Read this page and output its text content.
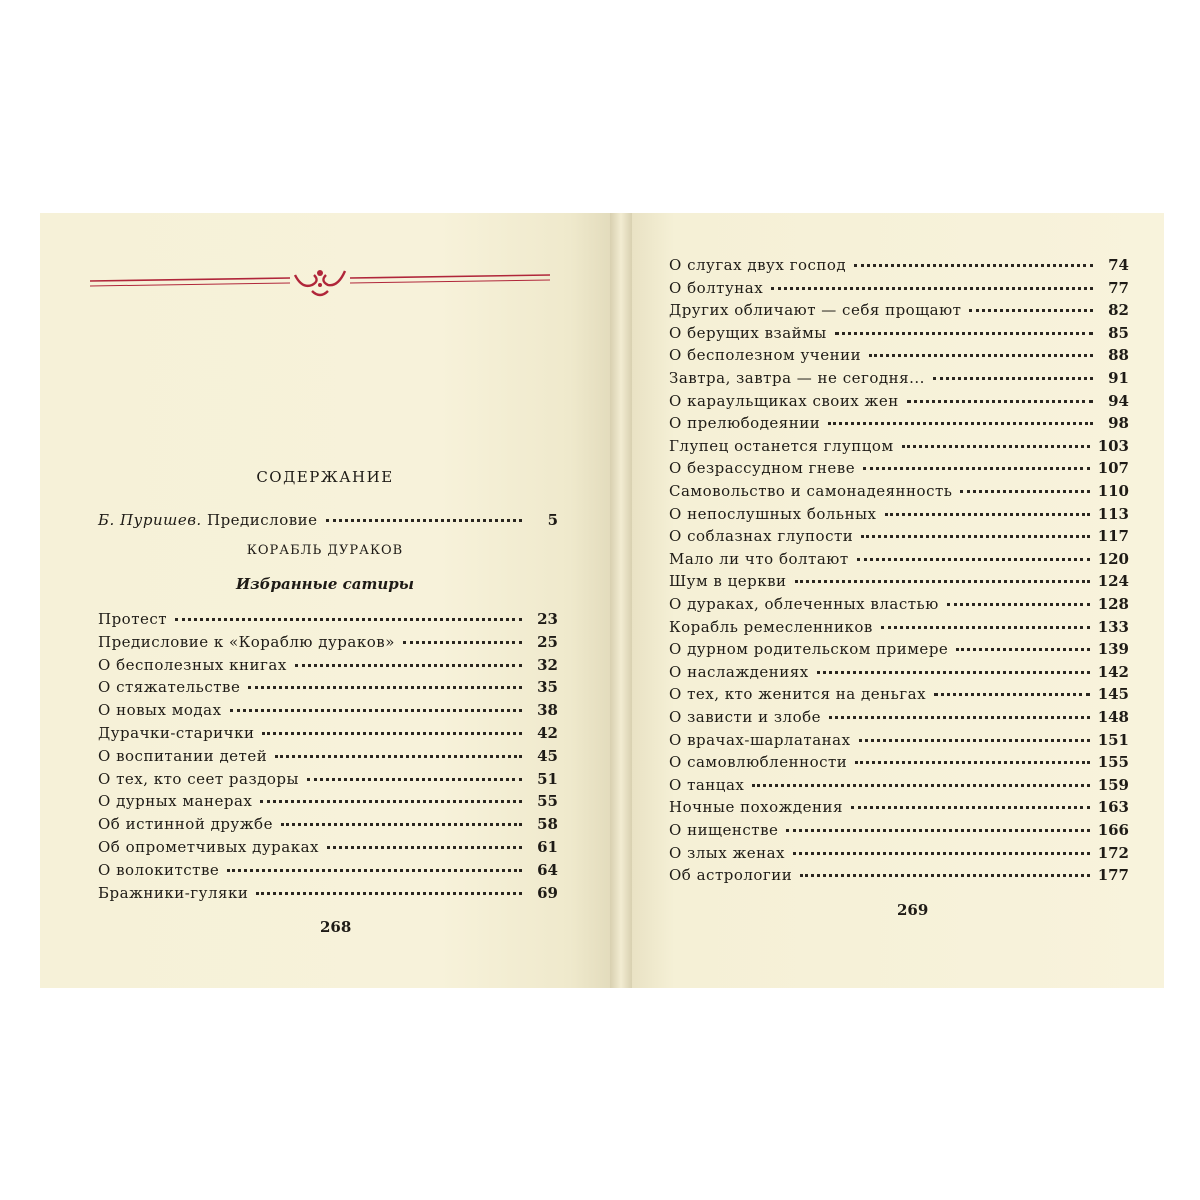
СОДЕРЖАНИЕ
Б. Пуришев. Предисловие	5
КОРАБЛЬ ДУРАКОВ
Избранные сатиры
Протест	23
Предисловие к «Кораблю дураков»	25
О бесполезных книгах	32
О стяжательстве	35
О новых модах	38
Дурачки-старички	42
О воспитании детей	45
О тех, кто сеет раздоры	51
О дурных манерах	55
Об истинной дружбе	58
Об опрометчивых дураках	61
О волокитстве	64
Бражники-гуляки	69
268
О слугах двух господ	74
О болтунах	77
Других обличают — себя прощают	82
О берущих взаймы	85
О бесполезном учении	88
Завтра, завтра — не сегодня...	91
О караульщиках своих жен	94
О прелюбодеянии	98
Глупец останется глупцом	103
О безрассудном гневе	107
Самовольство и самонадеянность	110
О непослушных больных	113
О соблазнах глупости	117
Мало ли что болтают	120
Шум в церкви	124
О дураках, облеченных властью	128
Корабль ремесленников	133
О дурном родительском примере	139
О наслаждениях	142
О тех, кто женится на деньгах	145
О зависти и злобе	148
О врачах-шарлатанах	151
О самовлюбленности	155
О танцах	159
Ночные похождения	163
О нищенстве	166
О злых женах	172
Об астрологии	177
269
